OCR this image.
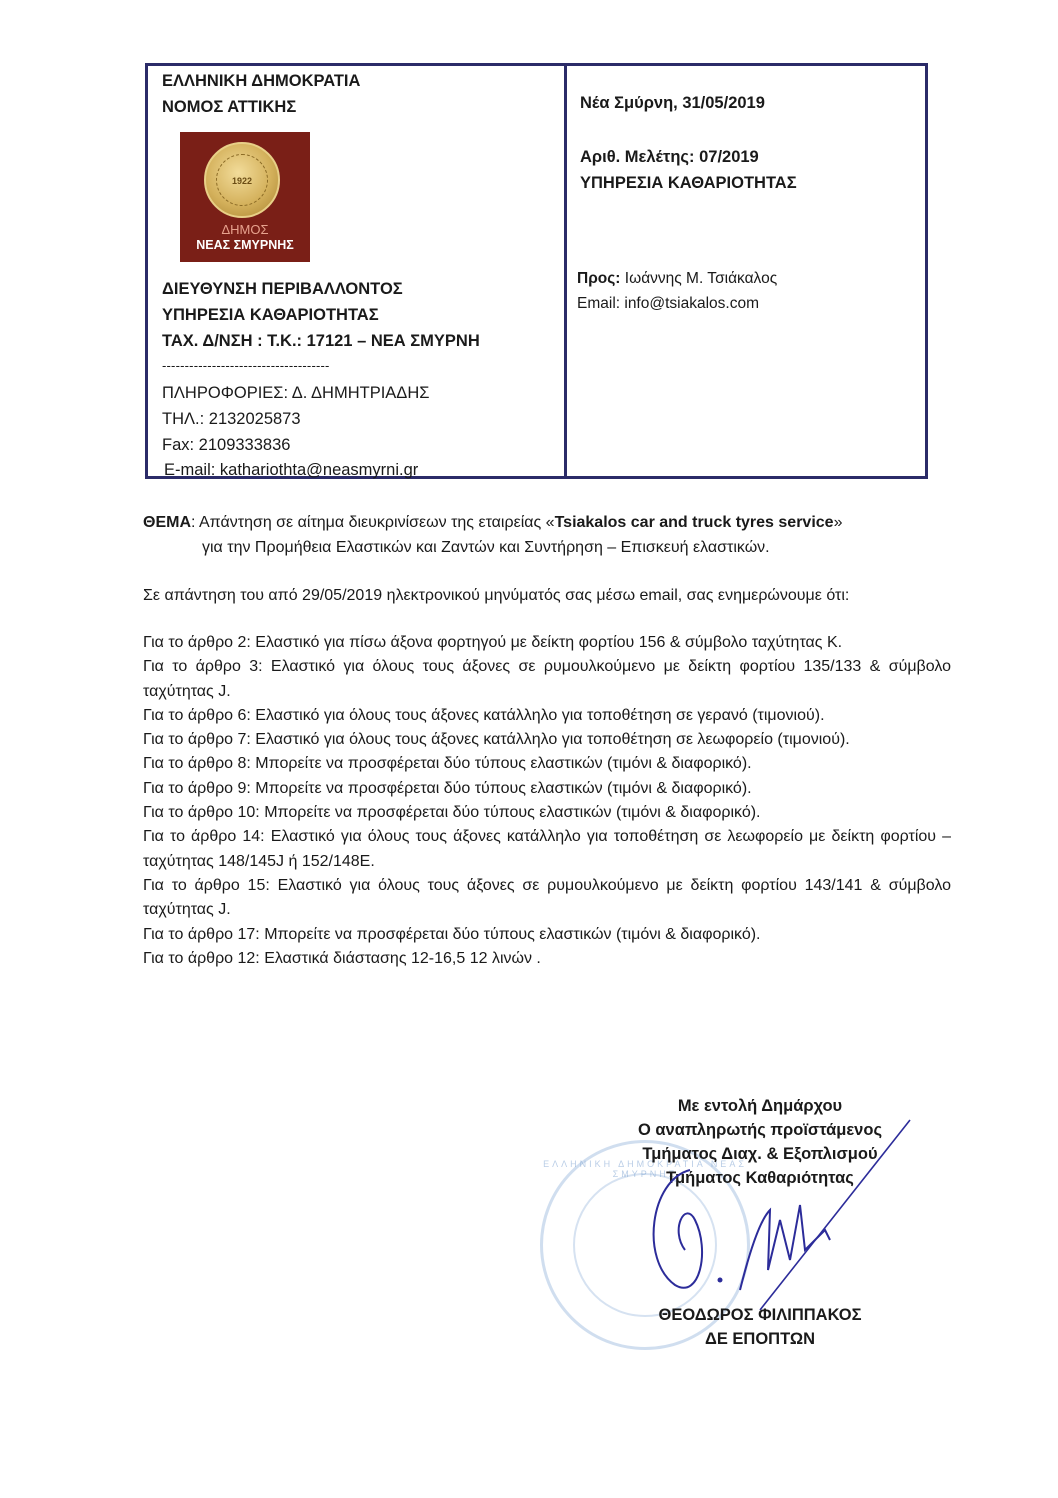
ΕΛΛΗΝΙΚΗ ΔΗΜΟΚΡΑΤΙΑ
ΝΟΜΟΣ ΑΤΤΙΚΗΣ
1922
ΔΗΜΟΣ
ΝΕΑΣ ΣΜΥΡΝΗΣ
ΔΙΕΥΘΥΝΣΗ ΠΕΡΙΒΑΛΛΟΝΤΟΣ
ΥΠΗΡΕΣΙΑ ΚΑΘΑΡΙΟΤΗΤΑΣ
ΤΑΧ. Δ/ΝΣΗ : Τ.Κ.: 17121 – ΝΕΑ ΣΜΥΡΝΗ
-------------------------------------
ΠΛΗΡΟΦΟΡΙΕΣ: Δ. ΔΗΜΗΤΡΙΑΔΗΣ
ΤΗΛ.: 2132025873
Fax: 2109333836
E-mail: kathariothta@neasmyrni.gr
Νέα Σμύρνη, 31/05/2019
Αριθ. Μελέτης: 07/2019
ΥΠΗΡΕΣΙΑ ΚΑΘΑΡΙΟΤΗΤΑΣ
Προς: Ιωάννης Μ. Τσιάκαλος
Email: info@tsiakalos.com
ΘΕΜΑ: Απάντηση σε αίτημα διευκρινίσεων της εταιρείας «Tsiakalos car and truck tyres service»
για την Προμήθεια Ελαστικών και Ζαντών και Συντήρηση – Επισκευή ελαστικών.
Σε απάντηση του από 29/05/2019 ηλεκτρονικού μηνύματός σας μέσω email, σας ενημερώνουμε ότι:
Για το άρθρο 2: Ελαστικό για πίσω άξονα φορτηγού με δείκτη φορτίου 156 & σύμβολο ταχύτητας Κ.
Για το άρθρο 3: Ελαστικό για όλους τους άξονες σε ρυμουλκούμενο με δείκτη φορτίου 135/133 & σύμβολο ταχύτητας J.
Για το άρθρο 6: Ελαστικό για όλους τους άξονες κατάλληλο για τοποθέτηση σε γερανό (τιμονιού).
Για το άρθρο 7: Ελαστικό για όλους τους άξονες κατάλληλο για τοποθέτηση σε λεωφορείο (τιμονιού).
Για το άρθρο 8: Μπορείτε να προσφέρεται δύο τύπους ελαστικών (τιμόνι & διαφορικό).
Για το άρθρο 9: Μπορείτε να προσφέρεται δύο τύπους ελαστικών (τιμόνι & διαφορικό).
Για το άρθρο 10: Μπορείτε να προσφέρεται δύο τύπους ελαστικών (τιμόνι & διαφορικό).
Για το άρθρο 14: Ελαστικό για όλους τους άξονες κατάλληλο για τοποθέτηση σε λεωφορείο με δείκτη φορτίου – ταχύτητας 148/145J ή 152/148E.
Για το άρθρο 15: Ελαστικό για όλους τους άξονες σε ρυμουλκούμενο με δείκτη φορτίου 143/141 & σύμβολο ταχύτητας J.
Για το άρθρο 17: Μπορείτε να προσφέρεται δύο τύπους ελαστικών (τιμόνι & διαφορικό).
Για το άρθρο 12: Ελαστικά διάστασης 12-16,5 12 λινών .
ΕΛΛΗΝΙΚΗ ΔΗΜΟΚΡΑΤΙΑ ΝΕΑΣ ΣΜΥΡΝΗΣ
Με εντολή Δημάρχου
Ο αναπληρωτής προϊστάμενος
Τμήματος Διαχ. & Εξοπλισμού
Τμήματος Καθαριότητας
ΘΕΟΔΩΡΟΣ ΦΙΛΙΠΠΑΚΟΣ
ΔΕ ΕΠΟΠΤΩΝ
